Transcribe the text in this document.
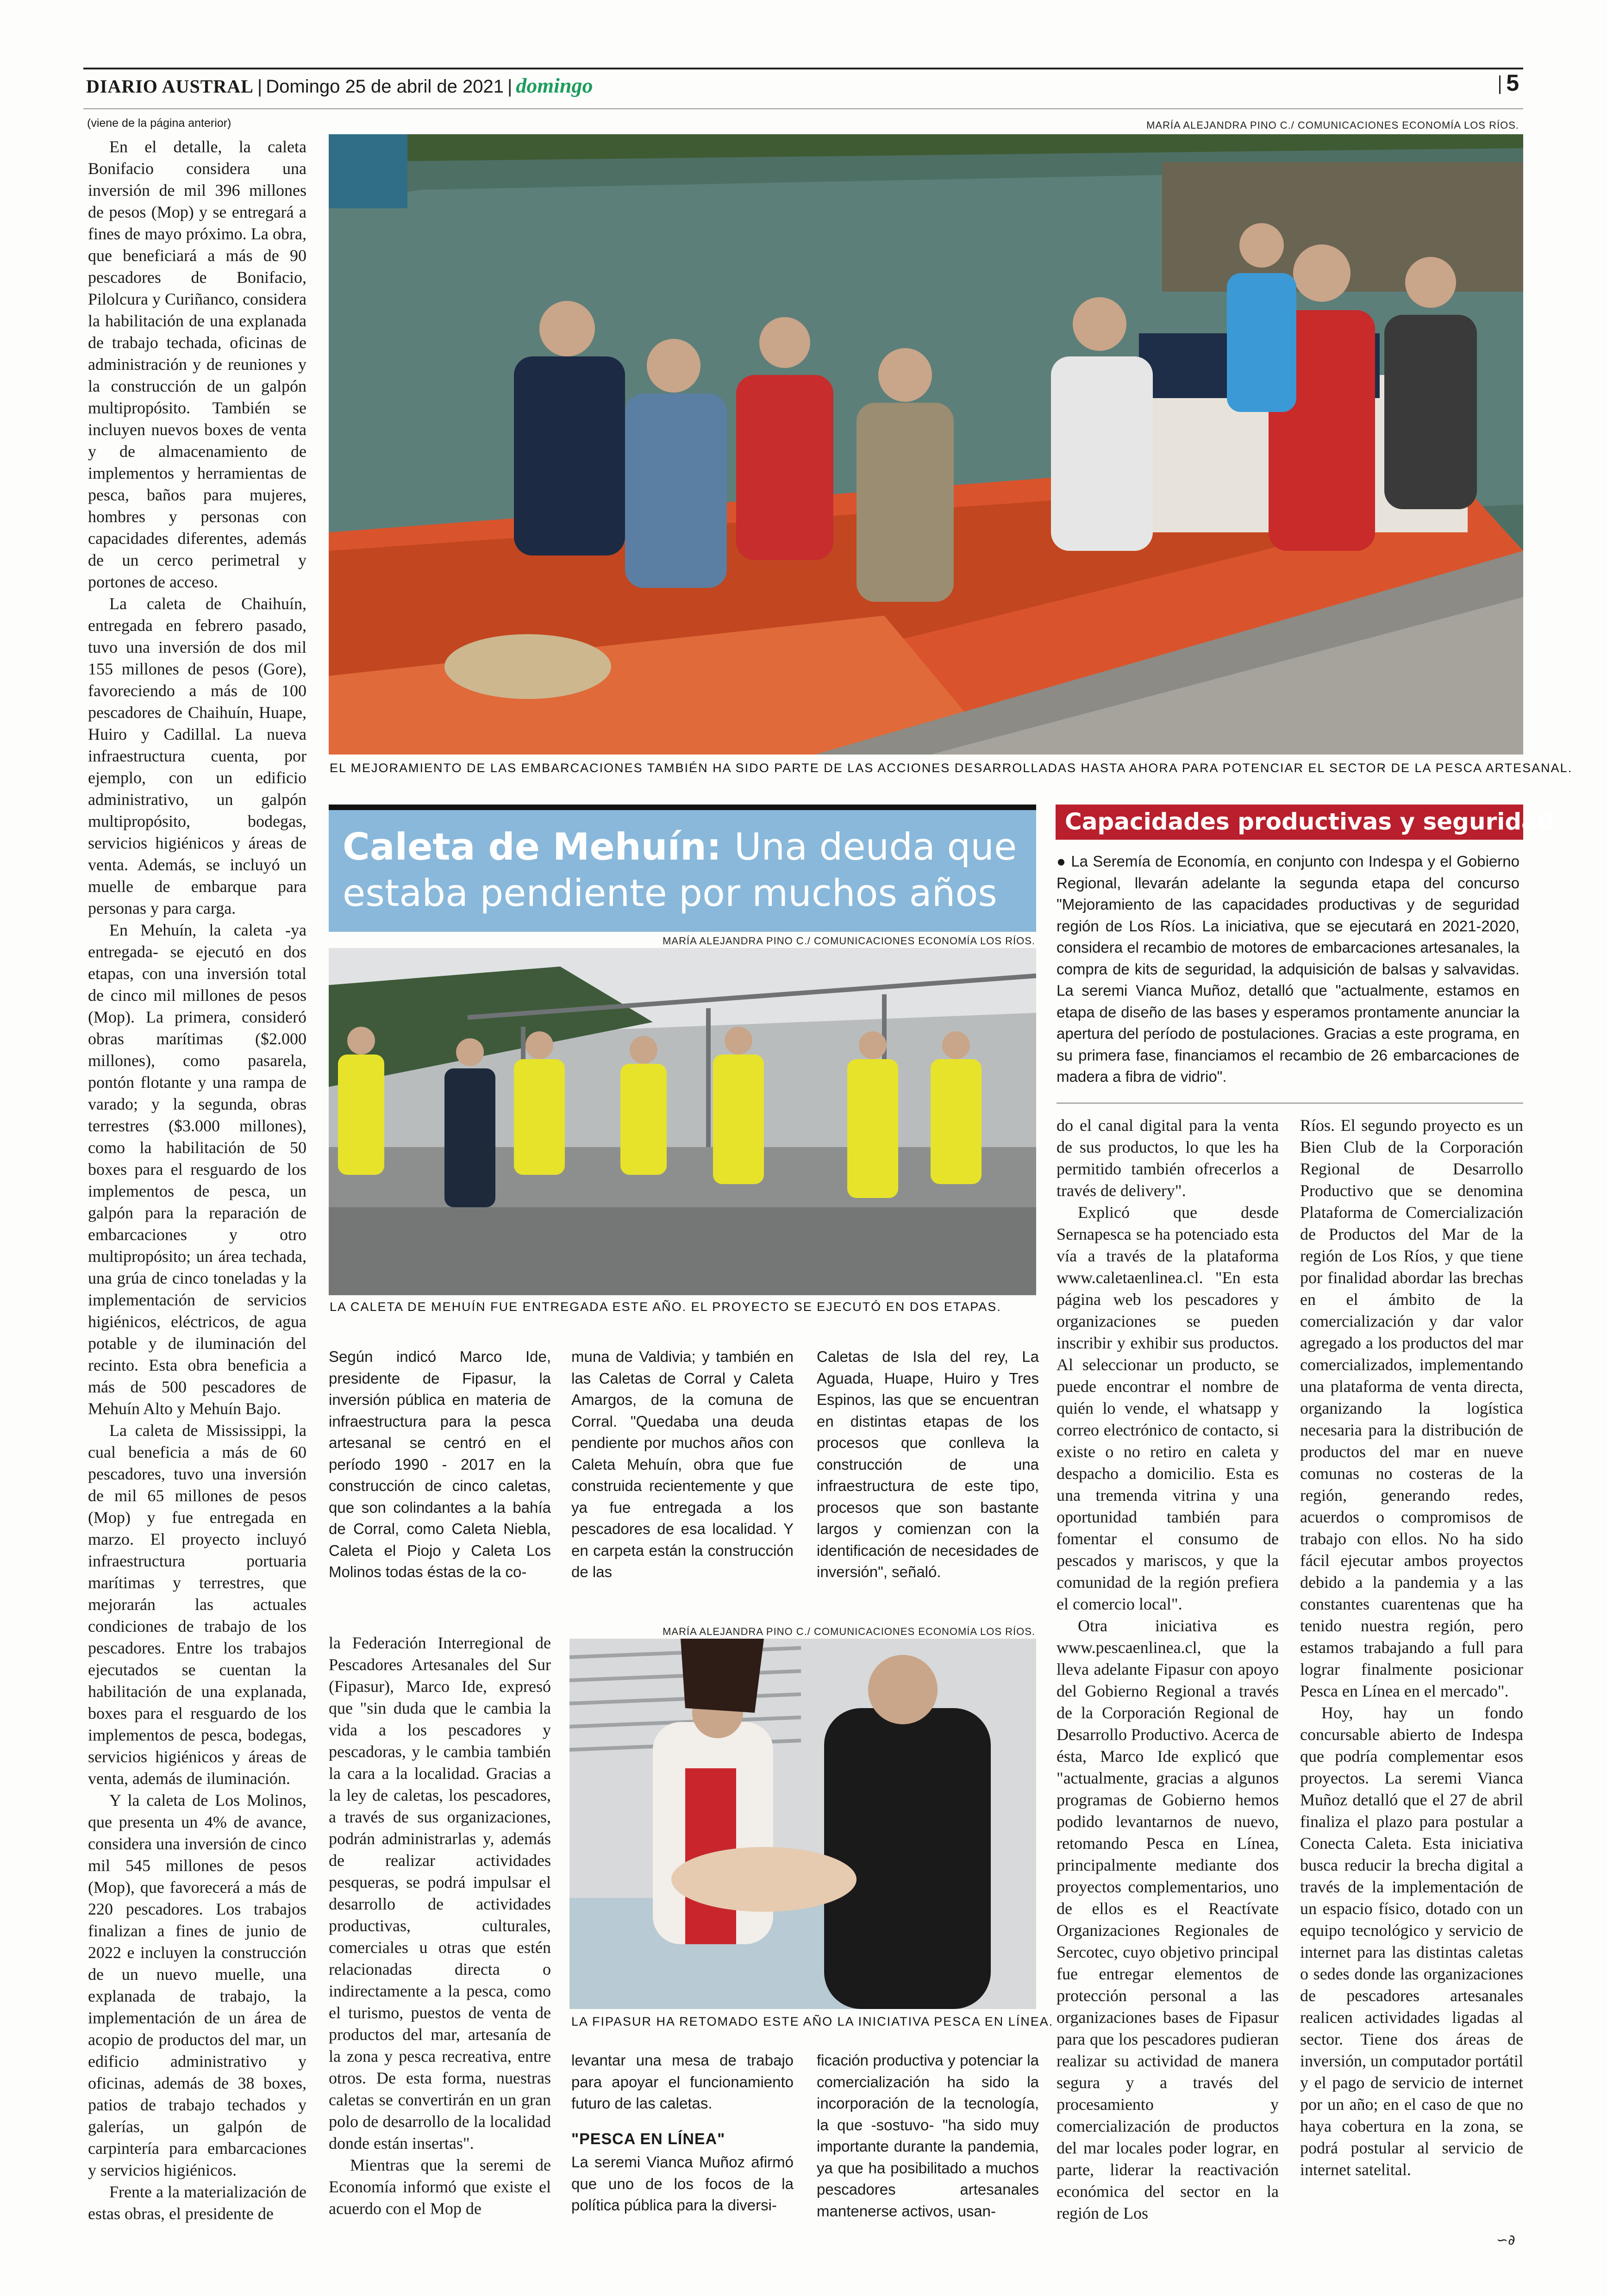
DIARIO AUSTRAL | Domingo 25 de abril de 2021 | domingo	5
(viene de la página anterior)	MARÍA ALEJANDRA PINO C./ COMUNICACIONES ECONOMÍA LOS RÍOS.
EL MEJORAMIENTO DE LAS EMBARCACIONES TAMBIÉN HA SIDO PARTE DE LAS ACCIONES DESARROLLADAS HASTA AHORA PARA POTENCIAR EL SECTOR DE LA PESCA ARTESANAL.

En el detalle, la caleta Bonifacio considera una inversión de mil 396 millones de pesos (Mop) y se entregará a fines de mayo próximo. La obra, que beneficiará a más de 90 pescadores de Bonifacio, Pilolcura y Curiñanco, considera la habilitación de una explanada de trabajo techada, oficinas de administración y de reuniones y la construcción de un galpón multipropósito. También se incluyen nuevos boxes de venta y de almacenamiento de implementos y herramientas de pesca, baños para mujeres, hombres y personas con capacidades diferentes, además de un cerco perimetral y portones de acceso.

La caleta de Chaihuín, entregada en febrero pasado, tuvo una inversión de dos mil 155 millones de pesos (Gore), favoreciendo a más de 100 pescadores de Chaihuín, Huape, Huiro y Cadillal. La nueva infraestructura cuenta, por ejemplo, con un edificio administrativo, un galpón multipropósito, bodegas, servicios higiénicos y áreas de venta. Además, se incluyó un muelle de embarque para personas y para carga.

En Mehuín, la caleta -ya entregada- se ejecutó en dos etapas, con una inversión total de cinco mil millones de pesos (Mop). La primera, consideró obras marítimas ($2.000 millones), como pasarela, pontón flotante y una rampa de varado; y la segunda, obras terrestres ($3.000 millones), como la habilitación de 50 boxes para el resguardo de los implementos de pesca, un galpón para la reparación de embarcaciones y otro multipropósito; un área techada, una grúa de cinco toneladas y la implementación de servicios higiénicos, eléctricos, de agua potable y de iluminación del recinto. Esta obra beneficia a más de 500 pescadores de Mehuín Alto y Mehuín Bajo.

La caleta de Mississippi, la cual beneficia a más de 60 pescadores, tuvo una inversión de mil 65 millones de pesos (Mop) y fue entregada en marzo. El proyecto incluyó infraestructura portuaria marítimas y terrestres, que mejorarán las actuales condiciones de trabajo de los pescadores. Entre los trabajos ejecutados se cuentan la habilitación de una explanada, boxes para el resguardo de los implementos de pesca, bodegas, servicios higiénicos y áreas de venta, además de iluminación.

Y la caleta de Los Molinos, que presenta un 4% de avance, considera una inversión de cinco mil 545 millones de pesos (Mop), que favorecerá a más de 220 pescadores. Los trabajos finalizan a fines de junio de 2022 e incluyen la construcción de un nuevo muelle, una explanada de trabajo, la implementación de un área de acopio de productos del mar, un edificio administrativo y oficinas, además de 38 boxes, patios de trabajo techados y galerías, un galpón de carpintería para embarcaciones y servicios higiénicos.

Frente a la materialización de estas obras, el presidente de

Caleta de Mehuín: Una deuda que
estaba pendiente por muchos años
MARÍA ALEJANDRA PINO C./ COMUNICACIONES ECONOMÍA LOS RÍOS.
LA CALETA DE MEHUÍN FUE ENTREGADA ESTE AÑO. EL PROYECTO SE EJECUTÓ EN DOS ETAPAS.

Según indicó Marco Ide, presidente de Fipasur, la inversión pública en materia de infraestructura para la pesca artesanal se centró en el período 1990 - 2017 en la construcción de cinco caletas, que son colindantes a la bahía de Corral, como Caleta Niebla, Caleta el Piojo y Caleta Los Molinos todas éstas de la co-

muna de Valdivia; y también en las Caletas de Corral y Caleta Amargos, de la comuna de Corral. "Quedaba una deuda pendiente por muchos años con Caleta Mehuín, obra que fue construida recientemente y que ya fue entregada a los pescadores de esa localidad. Y en carpeta están la construcción de las

Caletas de Isla del rey, La Aguada, Huape, Huiro y Tres Espinos, las que se encuentran en distintas etapas de los procesos que conlleva la construcción de una infraestructura de este tipo, procesos que son bastante largos y comienzan con la identificación de necesidades de inversión", señaló.

MARÍA ALEJANDRA PINO C./ COMUNICACIONES ECONOMÍA LOS RÍOS.
LA FIPASUR HA RETOMADO ESTE AÑO LA INICIATIVA PESCA EN LÍNEA.

la Federación Interregional de Pescadores Artesanales del Sur (Fipasur), Marco Ide, expresó que "sin duda que le cambia la vida a los pescadores y pescadoras, y le cambia también la cara a la localidad. Gracias a la ley de caletas, los pescadores, a través de sus organizaciones, podrán administrarlas y, además de realizar actividades pesqueras, se podrá impulsar el desarrollo de actividades productivas, culturales, comerciales u otras que estén relacionadas directa o indirectamente a la pesca, como el turismo, puestos de venta de productos del mar, artesanía de la zona y pesca recreativa, entre otros. De esta forma, nuestras caletas se convertirán en un gran polo de desarrollo de la localidad donde están insertas".

Mientras que la seremi de Economía informó que existe el acuerdo con el Mop de

levantar una mesa de trabajo para apoyar el funcionamiento futuro de las caletas.

"PESCA EN LÍNEA"

La seremi Vianca Muñoz afirmó que uno de los focos de la política pública para la diversi-

ficación productiva y potenciar la comercialización ha sido la incorporación de la tecnología, la que -sostuvo- "ha sido muy importante durante la pandemia, ya que ha posibilitado a muchos pescadores artesanales mantenerse activos, usan-

Capacidades productivas y seguridad

● La Seremía de Economía, en conjunto con Indespa y el Gobierno Regional, llevarán adelante la segunda etapa del concurso "Mejoramiento de las capacidades productivas y de seguridad región de Los Ríos. La iniciativa, que se ejecutará en 2021-2020, considera el recambio de motores de embarcaciones artesanales, la compra de kits de seguridad, la adquisición de balsas y salvavidas. La seremi Vianca Muñoz, detalló que "actualmente, estamos en etapa de diseño de las bases y esperamos prontamente anunciar la apertura del período de postulaciones. Gracias a este programa, en su primera fase, financiamos el recambio de 26 embarcaciones de madera a fibra de vidrio".

do el canal digital para la venta de sus productos, lo que les ha permitido también ofrecerlos a través de delivery".

Explicó que desde Sernapesca se ha potenciado esta vía a través de la plataforma www.caletaenlinea.cl. "En esta página web los pescadores y organizaciones se pueden inscribir y exhibir sus productos. Al seleccionar un producto, se puede encontrar el nombre de quién lo vende, el whatsapp y correo electrónico de contacto, si existe o no retiro en caleta y despacho a domicilio. Esta es una tremenda vitrina y una oportunidad también para fomentar el consumo de pescados y mariscos, y que la comunidad de la región prefiera el comercio local".

Otra iniciativa es www.pescaenlinea.cl, que la lleva adelante Fipasur con apoyo del Gobierno Regional a través de la Corporación Regional de Desarrollo Productivo. Acerca de ésta, Marco Ide explicó que "actualmente, gracias a algunos programas de Gobierno hemos podido levantarnos de nuevo, retomando Pesca en Línea, principalmente mediante dos proyectos complementarios, uno de ellos es el Reactívate Organizaciones Regionales de Sercotec, cuyo objetivo principal fue entregar elementos de protección personal a las organizaciones bases de Fipasur para que los pescadores pudieran realizar su actividad de manera segura y a través del procesamiento y comercialización de productos del mar locales poder lograr, en parte, liderar la reactivación económica del sector en la región de Los

Ríos. El segundo proyecto es un Bien Club de la Corporación Regional de Desarrollo Productivo que se denomina Plataforma de Comercialización de Productos del Mar de la región de Los Ríos, y que tiene por finalidad abordar las brechas en el ámbito de la comercialización y dar valor agregado a los productos del mar comercializados, implementando una plataforma de venta directa, organizando la logística necesaria para la distribución de productos del mar en nueve comunas no costeras de la región, generando redes, acuerdos o compromisos de trabajo con ellos. No ha sido fácil ejecutar ambos proyectos debido a la pandemia y a las constantes cuarentenas que ha tenido nuestra región, pero estamos trabajando a full para lograr finalmente posicionar Pesca en Línea en el mercado".

Hoy, hay un fondo concursable abierto de Indespa que podría complementar esos proyectos. La seremi Vianca Muñoz detalló que el 27 de abril finaliza el plazo para postular a Conecta Caleta. Esta iniciativa busca reducir la brecha digital a través de la implementación de un espacio físico, dotado con un equipo tecnológico y servicio de internet para las distintas caletas o sedes donde las organizaciones de pescadores artesanales realicen actividades ligadas al sector. Tiene dos áreas de inversión, un computador portátil y el pago de servicio de internet por un año; en el caso de que no haya cobertura en la zona, se podrá postular al servicio de internet satelital.

∽∂
